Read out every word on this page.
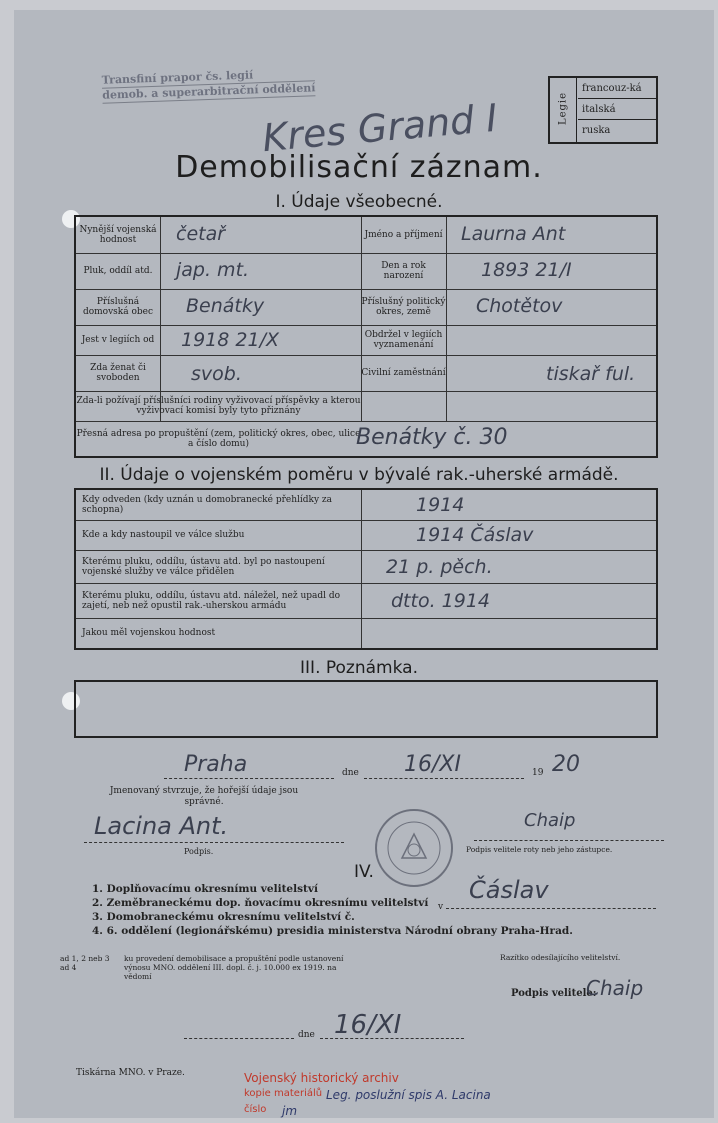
Transfiní prapor čs. legií
demob. a superarbitrační oddělení
Kres Grand I	Legie
francouz-ká
italská
ruska
Demobilisační záznam.
I. Údaje všeobecné.
Nynější vojenská hodnost	četař	Jméno a příjmení Laurna Ant
Pluk, oddíl atd.	jap. mt.	Den a rok narození	1893 21/I
Příslušná domovská obec	Benátky	Příslušný politický okres, země	Chotětov
Jest v legiích od	1918 21/X	Obdržel v legiích vyznamenání
Zda ženat či svoboden	svob.	Civilní zaměstnání	tiskař ful.
Zda-li požívají příslušníci rodiny vyživovací příspěvky a kterou vyživovací komisí byly tyto přiznány
Přesná adresa po propuštění (zem, politický okres, obec, ulice a číslo domu)	Benátky č. 30
II. Údaje o vojenském poměru v bývalé rak.-uherské armádě.
Kdy odveden (kdy uznán u domobranecké přehlídky za schopna)	1914
Kde a kdy nastoupil ve válce službu	1914 Čáslav
Kterému pluku, oddílu, ústavu atd. byl po nastoupení vojenské služby ve válce přidělen	21 p. pěch.
Kterému pluku, oddílu, ústavu atd. náležel, než upadl do zajetí, neb než opustil rak.-uherskou armádu	dtto. 1914
Jakou měl vojenskou hodnost
III. Poznámka.
Praha	dne 16/XI	19 20
Jmenovaný stvrzuje, že hořejší údaje jsou správné.
Lacina Ant.
Podpis.
Chaip
Podpis velitele roty neb jeho zástupce.
IV.
1. Doplňovacímu okresnímu velitelství
2. Zeměbraneckému dop. ňovacímu okresnímu velitelství
3. Domobraneckému okresnímu velitelství č.
4. 6. oddělení (legionářskému) presidia ministerstva Národní obrany Praha-Hrad.
v
Čáslav
ad 1, 2 neb 3
ad 4
ku provedení demobilisace a propuštění podle ustanovení výnosu MNO. oddělení III. dopl. č. j. 10.000 ex 1919. na vědomí
Razítko odesílajícího velitelství.
Podpis velitele:
Chaip
16/XI
dne
Tiskárna MNO. v Praze.	Vojenský historický archiv
kopie materiálů
číslo
Leg. poslužní spis A. Lacina
jm
